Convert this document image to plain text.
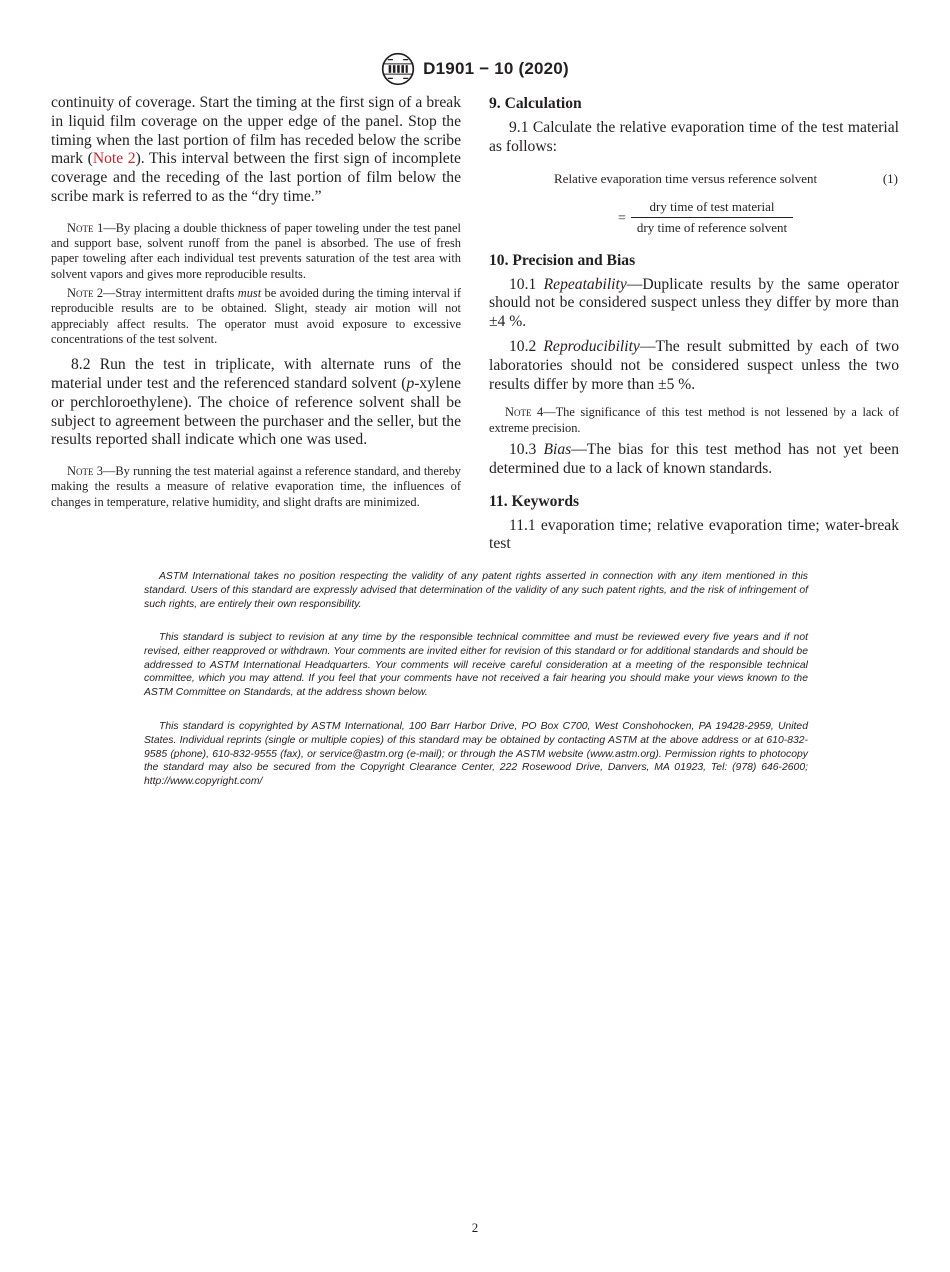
D1901 − 10 (2020)

continuity of coverage. Start the timing at the first sign of a break in liquid film coverage on the upper edge of the panel. Stop the timing when the last portion of film has receded below the scribe mark (Note 2). This interval between the first sign of incomplete coverage and the receding of the last portion of film below the scribe mark is referred to as the “dry time.”

Note 1—By placing a double thickness of paper toweling under the test panel and support base, solvent runoff from the panel is absorbed. The use of fresh paper toweling after each individual test prevents saturation of the test area with solvent vapors and gives more reproducible results.

Note 2—Stray intermittent drafts must be avoided during the timing interval if reproducible results are to be obtained. Slight, steady air motion will not appreciably affect results. The operator must avoid exposure to excessive concentrations of the test solvent.

8.2 Run the test in triplicate, with alternate runs of the material under test and the referenced standard solvent (p-xylene or perchloroethylene). The choice of reference solvent shall be subject to agreement between the purchaser and the seller, but the results reported shall indicate which one was used.

Note 3—By running the test material against a reference standard, and thereby making the results a measure of relative evaporation time, the influences of changes in temperature, relative humidity, and slight drafts are minimized.

9. Calculation

9.1 Calculate the relative evaporation time of the test material as follows:

Relative evaporation time versus reference solvent	(1)
=
dry time of test material
dry time of reference solvent

10. Precision and Bias

10.1 Repeatability—Duplicate results by the same operator should not be considered suspect unless they differ by more than ±4 %.

10.2 Reproducibility—The result submitted by each of two laboratories should not be considered suspect unless the two results differ by more than ±5 %.

Note 4—The significance of this test method is not lessened by a lack of extreme precision.

10.3 Bias—The bias for this test method has not yet been determined due to a lack of known standards.

11. Keywords

11.1 evaporation time; relative evaporation time; water-break test

ASTM International takes no position respecting the validity of any patent rights asserted in connection with any item mentioned in this standard. Users of this standard are expressly advised that determination of the validity of any such patent rights, and the risk of infringement of such rights, are entirely their own responsibility.

This standard is subject to revision at any time by the responsible technical committee and must be reviewed every five years and if not revised, either reapproved or withdrawn. Your comments are invited either for revision of this standard or for additional standards and should be addressed to ASTM International Headquarters. Your comments will receive careful consideration at a meeting of the responsible technical committee, which you may attend. If you feel that your comments have not received a fair hearing you should make your views known to the ASTM Committee on Standards, at the address shown below.

This standard is copyrighted by ASTM International, 100 Barr Harbor Drive, PO Box C700, West Conshohocken, PA 19428-2959, United States. Individual reprints (single or multiple copies) of this standard may be obtained by contacting ASTM at the above address or at 610-832-9585 (phone), 610-832-9555 (fax), or service@astm.org (e-mail); or through the ASTM website (www.astm.org). Permission rights to photocopy the standard may also be secured from the Copyright Clearance Center, 222 Rosewood Drive, Danvers, MA 01923, Tel: (978) 646-2600; http://www.copyright.com/

2
